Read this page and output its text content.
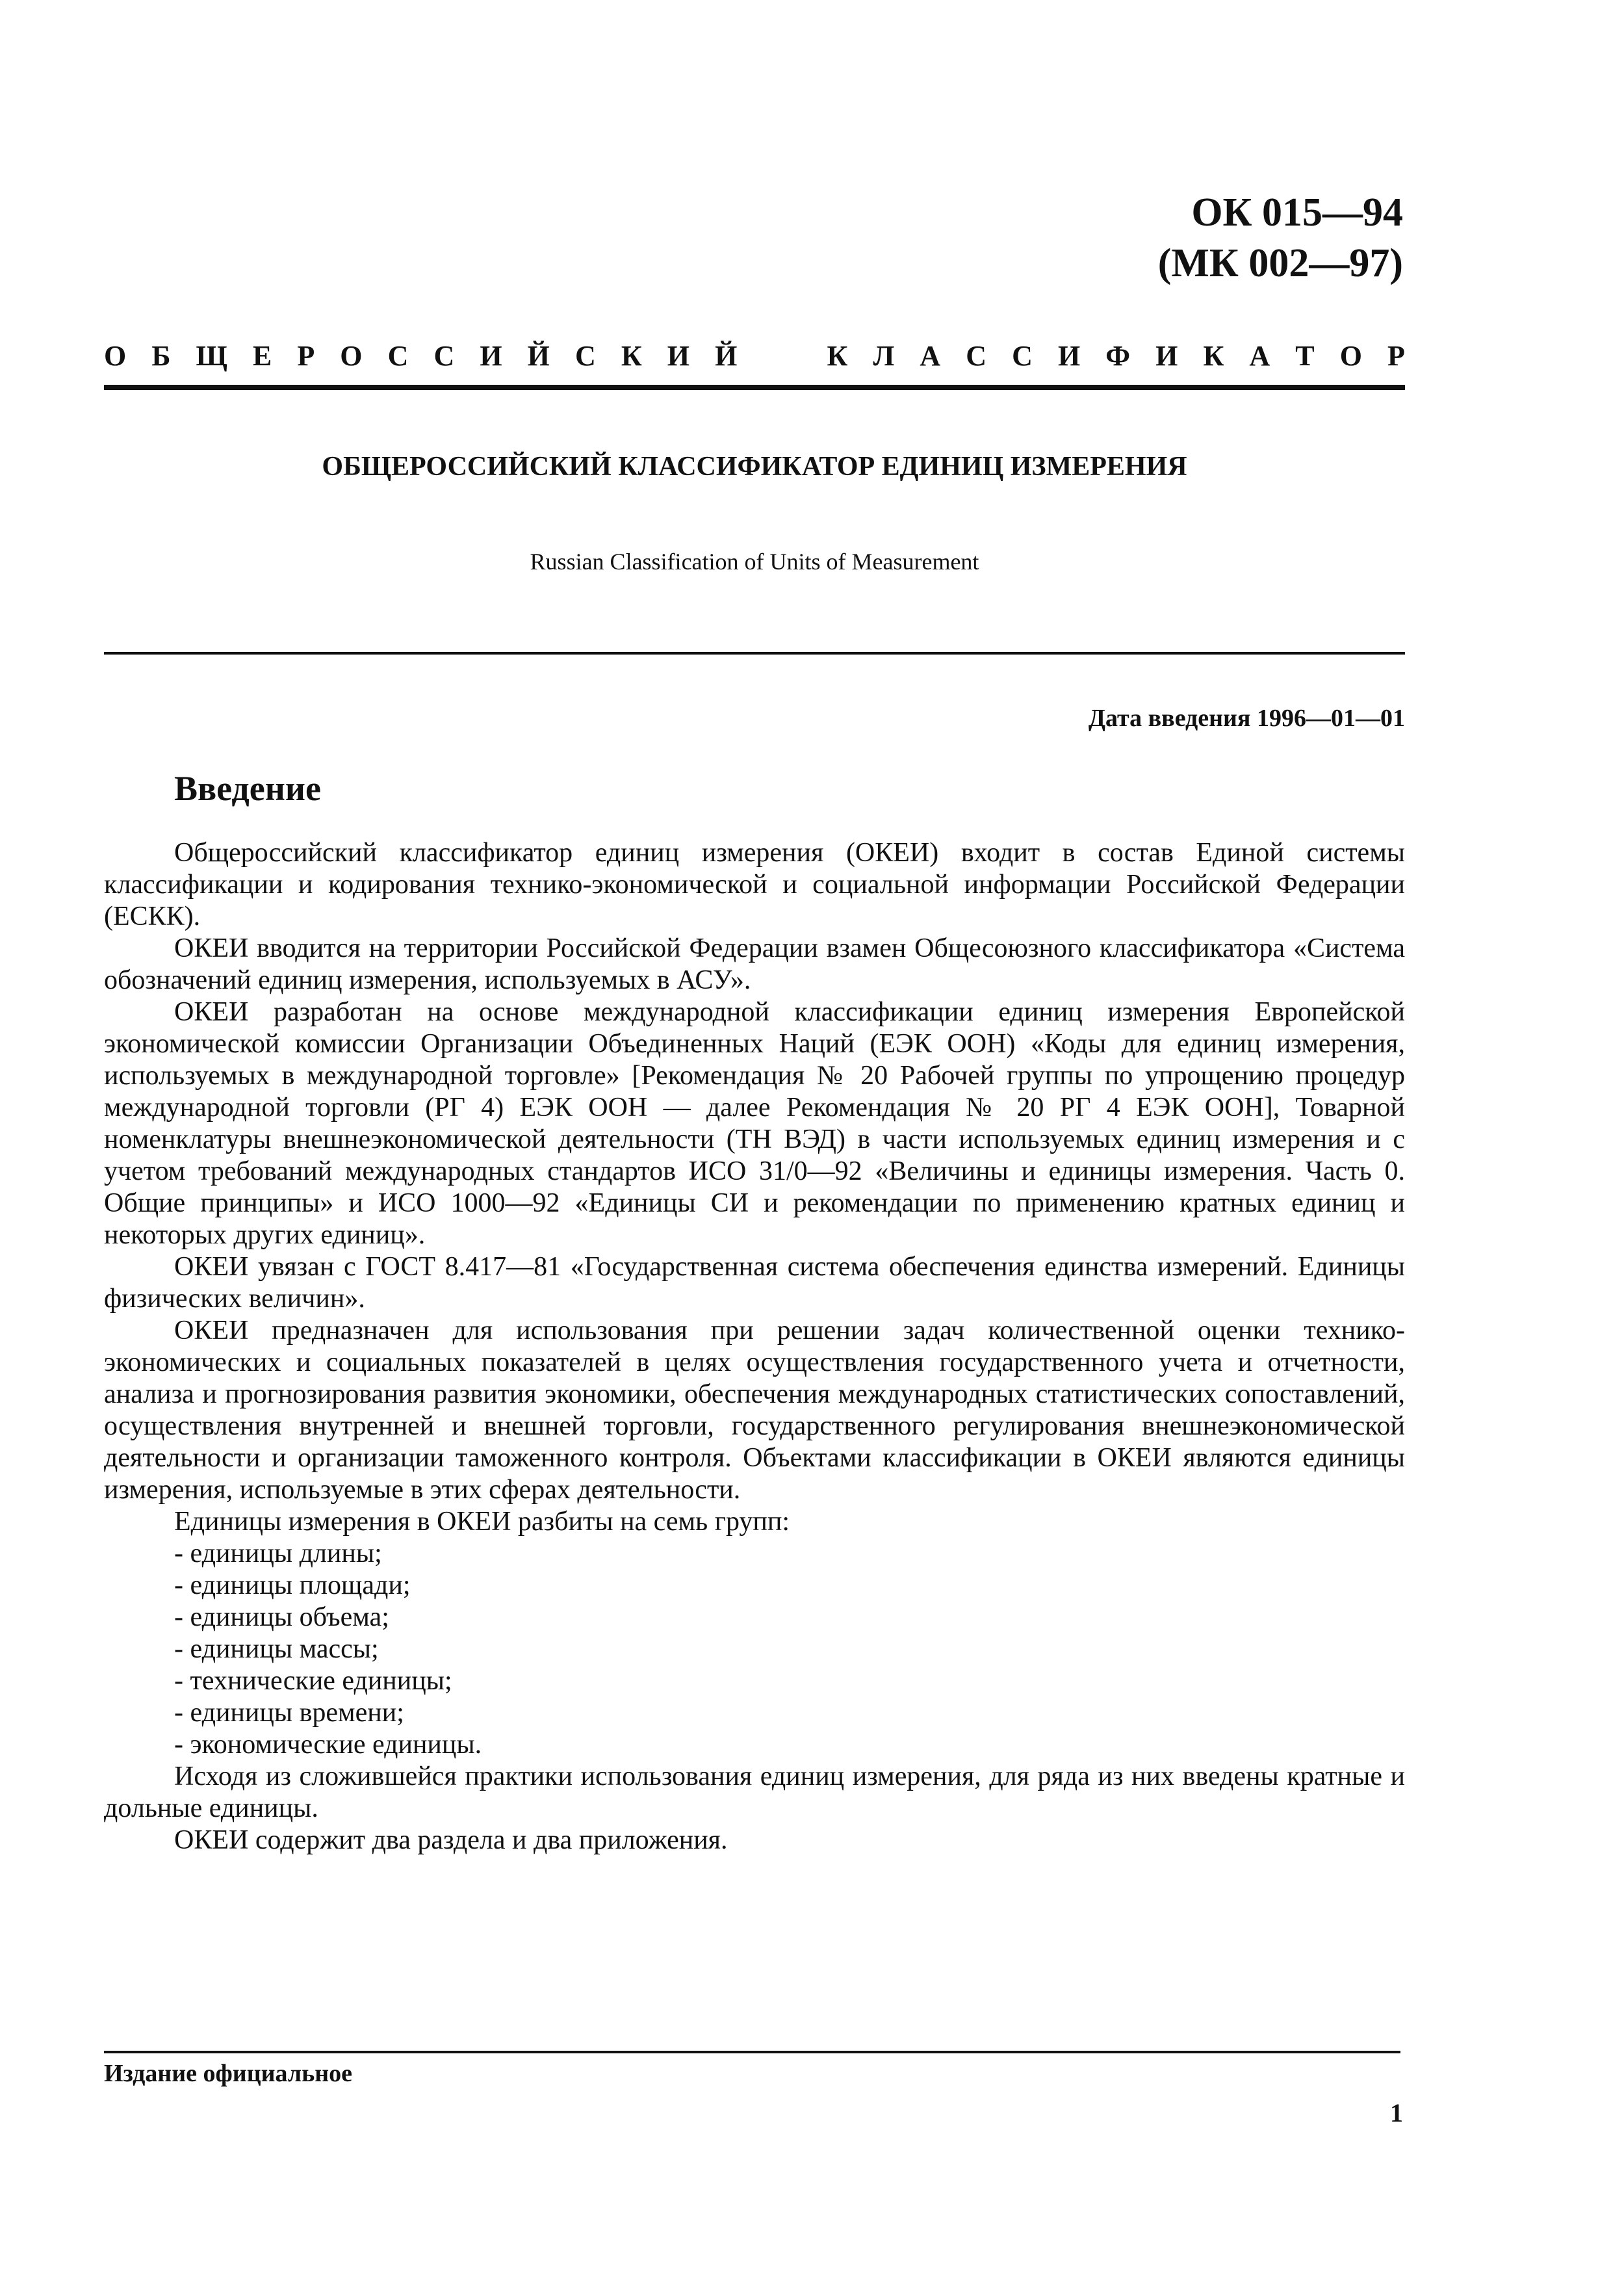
ОК 015—94
(МК 002—97)
О Б Щ Е Р О С С И Й С К И Й	К Л А С С И Ф И К А Т О Р
ОБЩЕРОССИЙСКИЙ КЛАССИФИКАТОР ЕДИНИЦ ИЗМЕРЕНИЯ
Russian Classification of Units of Measurement
Дата введения 1996—01—01
Введение

Общероссийский классификатор единиц измерения (ОКЕИ) входит в состав Единой системы классификации и кодирования технико-экономической и социальной информации Российской Федерации (ЕСКК).

ОКЕИ вводится на территории Российской Федерации взамен Общесоюзного классификатора «Система обозначений единиц измерения, используемых в АСУ».

ОКЕИ разработан на основе международной классификации единиц измерения Европейской экономической комиссии Организации Объединенных Наций (ЕЭК ООН) «Коды для единиц измерения, используемых в международной торговле» [Рекомендация № 20 Рабочей группы по упрощению процедур международной торговли (РГ 4) ЕЭК ООН — далее Рекомендация № 20 РГ 4 ЕЭК ООН], Товарной номенклатуры внешнеэкономической деятельности (ТН ВЭД) в части используемых единиц измерения и с учетом требований международных стандартов ИСО 31/0—92 «Величины и единицы измерения. Часть 0. Общие принципы» и ИСО 1000—92 «Единицы СИ и рекомендации по применению кратных единиц и некоторых других единиц».

ОКЕИ увязан с ГОСТ 8.417—81 «Государственная система обеспечения единства измерений. Единицы физических величин».

ОКЕИ предназначен для использования при решении задач количественной оценки технико-экономических и социальных показателей в целях осуществления государственного учета и отчетности, анализа и прогнозирования развития экономики, обеспечения международных статистических сопоставлений, осуществления внутренней и внешней торговли, государственного регулирования внешнеэкономической деятельности и организации таможенного контроля. Объектами классификации в ОКЕИ являются единицы измерения, используемые в этих сферах деятельности.

Единицы измерения в ОКЕИ разбиты на семь групп:

- единицы длины;
- единицы площади;
- единицы объема;
- единицы массы;
- технические единицы;
- единицы времени;
- экономические единицы.

Исходя из сложившейся практики использования единиц измерения, для ряда из них введены кратные и дольные единицы.

ОКЕИ содержит два раздела и два приложения.

Издание официальное
1
